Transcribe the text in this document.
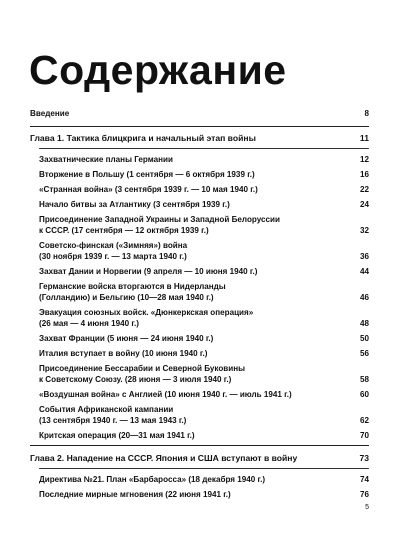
Содержание
Введение	8
Глава 1. Тактика блицкрига и начальный этап войны	11
Захватнические планы Германии	12
Вторжение в Польшу (1 сентября — 6 октября 1939 г.)	16
«Странная война» (3 сентября 1939 г. — 10 мая 1940 г.)	22
Начало битвы за Атлантику (3 сентября 1939 г.)	24
Присоединение Западной Украины и Западной Белоруссии
к СССР. (17 сентября — 12 октября 1939 г.)	32
Советско-финская («Зимняя») война
(30 ноября 1939 г. — 13 марта 1940 г.)	36
Захват Дании и Норвегии (9 апреля — 10 июня 1940 г.)	44
Германские войска вторгаются в Нидерланды
(Голландию) и Бельгию (10—28 мая 1940 г.)	46
Эвакуация союзных войск. «Дюнкеркская операция»
(26 мая — 4 июня 1940 г.)	48
Захват Франции (5 июня — 24 июня 1940 г.)	50
Италия вступает в войну (10 июня 1940 г.)	56
Присоединение Бессарабии и Северной Буковины
к Советскому Союзу. (28 июня — 3 июля 1940 г.)	58
«Воздушная война» с Англией (10 июня 1940 г. — июль 1941 г.)	60
События Африканской кампании
(13 сентября 1940 г. — 13 мая 1943 г.)	62
Критская операция (20—31 мая 1941 г.)	70
Глава 2. Нападение на СССР. Япония и США вступают в войну	73
Директива №21. План «Барбаросса» (18 декабря 1940 г.)	74
Последние мирные мгновения (22 июня 1941 г.)	76
5
